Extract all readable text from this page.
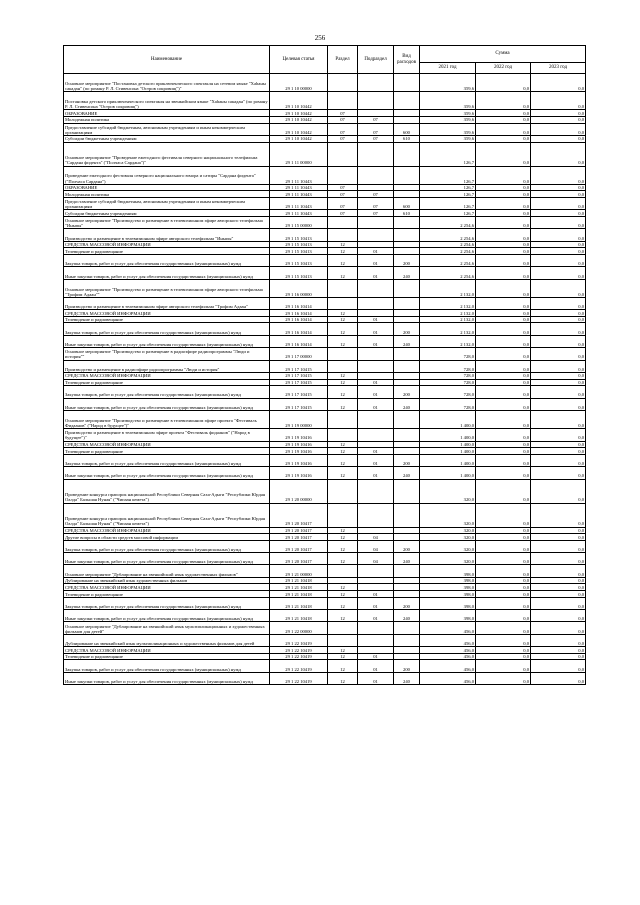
256
Наименование	Целевая статья	Раздел	Подраздел	Вид расходов	Сумма		
					2021 год	2022 год	2023 год
Основное мероприятие "Постановка детского приключенческого спектакля на сетевом языке "Хаһаны сакадан" (по роману Р. Л. Стивенсона "Остров сокровищ")"	29 1 10 00000				359,6	0,0	0,0
Постановка детского приключенческого спектакля на эвенкийском языке "Хаһаны сакадан" (по роману Р. Л. Стивенсона "Остров сокровищ")	29 1 10 10442				359,6	0,0	0,0
ОБРАЗОВАНИЕ	29 1 10 10442	07			359,6	0,0	0,0
Молодежная политика	29 1 10 10442	07	07		359,6	0,0	0,0
Предоставление субсидий бюджетным, автономным учреждениям и иным некоммерческим организациям	29 1 10 10442	07	07	600	359,6	0,0	0,0
Субсидии бюджетным учреждениям	29 1 10 10442	07	07	610	359,6	0,0	0,0
Основное мероприятие "Проведение ежегодного фестиваля северного национального телефильма "Сардана фидента" ("Полчаса Сардана")"	29 1 11 00000				126,7	0,0	0,0
Проведение ежегодного фестиваля северного национального юмора и сатиры "Сардана фидента" ("Полчаса Сардана")	29 1 11 10443				126,7	0,0	0,0
ОБРАЗОВАНИЕ	29 1 11 10443	07			126,7	0,0	0,0
Молодежная политика	29 1 11 10443	07	07		126,7	0,0	0,0
Предоставление субсидий бюджетным, автономным учреждениям и иным некоммерческим организациям	29 1 11 10443	07	07	600	126,7	0,0	0,0
Субсидии бюджетным учреждениям	29 1 11 10443	07	07	610	126,7	0,0	0,0
Основное мероприятие "Производство и размещение в телевизионном эфире авторского телефильма "Иныпы"	29 1 15 00000				2 254,6	0,0	0,0
Производство и размещение в телевизионном эфире авторского телефильма "Иныпы"	29 1 15 10413				2 254,6	0,0	0,0
СРЕДСТВА МАССОВОЙ ИНФОРМАЦИИ	29 1 15 10413	12			2 254,6	0,0	0,0
Телевидение и радиовещание	29 1 15 10413	12	01		2 254,6	0,0	0,0
Закупка товаров, работ и услуг для обеспечения государственных (муниципальных) нужд	29 1 15 10413	12	01	200	2 254,6	0,0	0,0
Иные закупки товаров, работ и услуг для обеспечения государственных (муниципальных) нужд	29 1 15 10413	12	01	240	2 254,6	0,0	0,0
Основное мероприятие "Производство и размещение в телевизионном эфире авторского телефильма "Трофим Адаан""	29 1 16 00000				2 132,0	0,0	0,0
Производство и размещение в телевизионном эфире авторского телефильма "Трофим Адаан"	29 1 16 10414				2 132,0	0,0	0,0
СРЕДСТВА МАССОВОЙ ИНФОРМАЦИИ	29 1 16 10414	12			2 132,0	0,0	0,0
Телевидение и радиовещание	29 1 16 10414	12	01		2 132,0	0,0	0,0
Закупка товаров, работ и услуг для обеспечения государственных (муниципальных) нужд	29 1 16 10414	12	01	200	2 132,0	0,0	0,0
Иные закупки товаров, работ и услуг для обеспечения государственных (муниципальных) нужд	29 1 16 10414	12	01	240	2 132,0	0,0	0,0
Основное мероприятие "Производство и размещение в радиоэфире радиопрограммы "Люди и история""	29 1 17 00000				728,0	0,0	0,0
Производство и размещение в радиоэфире радиопрограммы "Люди и история"	29 1 17 10415				728,0	0,0	0,0
СРЕДСТВА МАССОВОЙ ИНФОРМАЦИИ	29 1 17 10415	12			728,0	0,0	0,0
Телевидение и радиовещание	29 1 17 10415	12	01		728,0	0,0	0,0
Закупка товаров, работ и услуг для обеспечения государственных (муниципальных) нужд	29 1 17 10415	12	01	200	728,0	0,0	0,0
Иные закупки товаров, работ и услуг для обеспечения государственных (муниципальных) нужд	29 1 17 10415	12	01	240	728,0	0,0	0,0
Основное мероприятие "Производство и размещение в телевизионном эфире проекта "Фестиваль Фидаанов" ("Народ в будущее")"	29 1 19 00000				1 400,0	0,0	0,0
Производство и размещение в телевизионном эфире проекта "Фестиваль фидаанов" ("Народ в будущее")"	29 1 19 10416				1 400,0	0,0	0,0
СРЕДСТВА МАССОВОЙ ИНФОРМАЦИИ	29 1 19 10416	12			1 400,0	0,0	0,0
Телевидение и радиовещание	29 1 19 10416	12	01		1 400,0	0,0	0,0
Закупка товаров, работ и услуг для обеспечения государственных (муниципальных) нужд	29 1 19 10416	12	01	200	1 400,0	0,0	0,0
Иные закупки товаров, работ и услуг для обеспечения государственных (муниципальных) нужд	29 1 19 10416	12	01	240	1 400,0	0,0	0,0
Проведение конкурса прапорок национальной Республики Северная Саха-Адыги "Республики Юрдая Оалда" Бальшая Нуная" ("Чипаан кемета")	29 1 20 00000				320,0	0,0	0,0
Проведение конкурса прапорок национальной Республики Северная Саха-Адыги "Республики Юрдая Оалда" Бальшая Нуная" ("Чипаан кемета")	29 1 20 10417				320,0	0,0	0,0
СРЕДСТВА МАССОВОЙ ИНФОРМАЦИИ	29 1 20 10417	12			320,0	0,0	0,0
Другие вопросы в области средств массовой информации	29 1 20 10417	12	04		320,0	0,0	0,0
Закупка товаров, работ и услуг для обеспечения государственных (муниципальных) нужд	29 1 20 10417	12	04	200	320,0	0,0	0,0
Иные закупки товаров, работ и услуг для обеспечения государственных (муниципальных) нужд	29 1 20 10417	12	04	240	320,0	0,0	0,0
Основное мероприятие "Дублирование на эвенкийский язык художественных фильмов"	29 1 21 00000				398,0	0,0	0,0
Дублирование на эвенкийский язык художественных фильмов	29 1 21 10418				398,0	0,0	0,0
СРЕДСТВА МАССОВОЙ ИНФОРМАЦИИ	29 1 21 10418	12			398,0	0,0	0,0
Телевидение и радиовещание	29 1 21 10418	12	01		398,0	0,0	0,0
Закупка товаров, работ и услуг для обеспечения государственных (муниципальных) нужд	29 1 21 10418	12	01	200	398,0	0,0	0,0
Иные закупки товаров, работ и услуг для обеспечения государственных (муниципальных) нужд	29 1 21 10418	12	01	240	398,0	0,0	0,0
Основное мероприятие "Дублирование на эвенкийский язык мультипликационных и художественных фильмов для детей"	29 1 22 00000				456,0	0,0	0,0
Дублирование на эвенкийский язык мультипликационных и художественных фильмов для детей	29 1 22 10419				456,0	0,0	0,0
СРЕДСТВА МАССОВОЙ ИНФОРМАЦИИ	29 1 22 10419	12			456,0	0,0	0,0
Телевидение и радиовещание	29 1 22 10419	12	01		456,0	0,0	0,0
Закупка товаров, работ и услуг для обеспечения государственных (муниципальных) нужд	29 1 22 10419	12	01	200	456,0	0,0	0,0
Иные закупки товаров, работ и услуг для обеспечения государственных (муниципальных) нужд	29 1 22 10419	12	01	240	456,0	0,0	0,0
